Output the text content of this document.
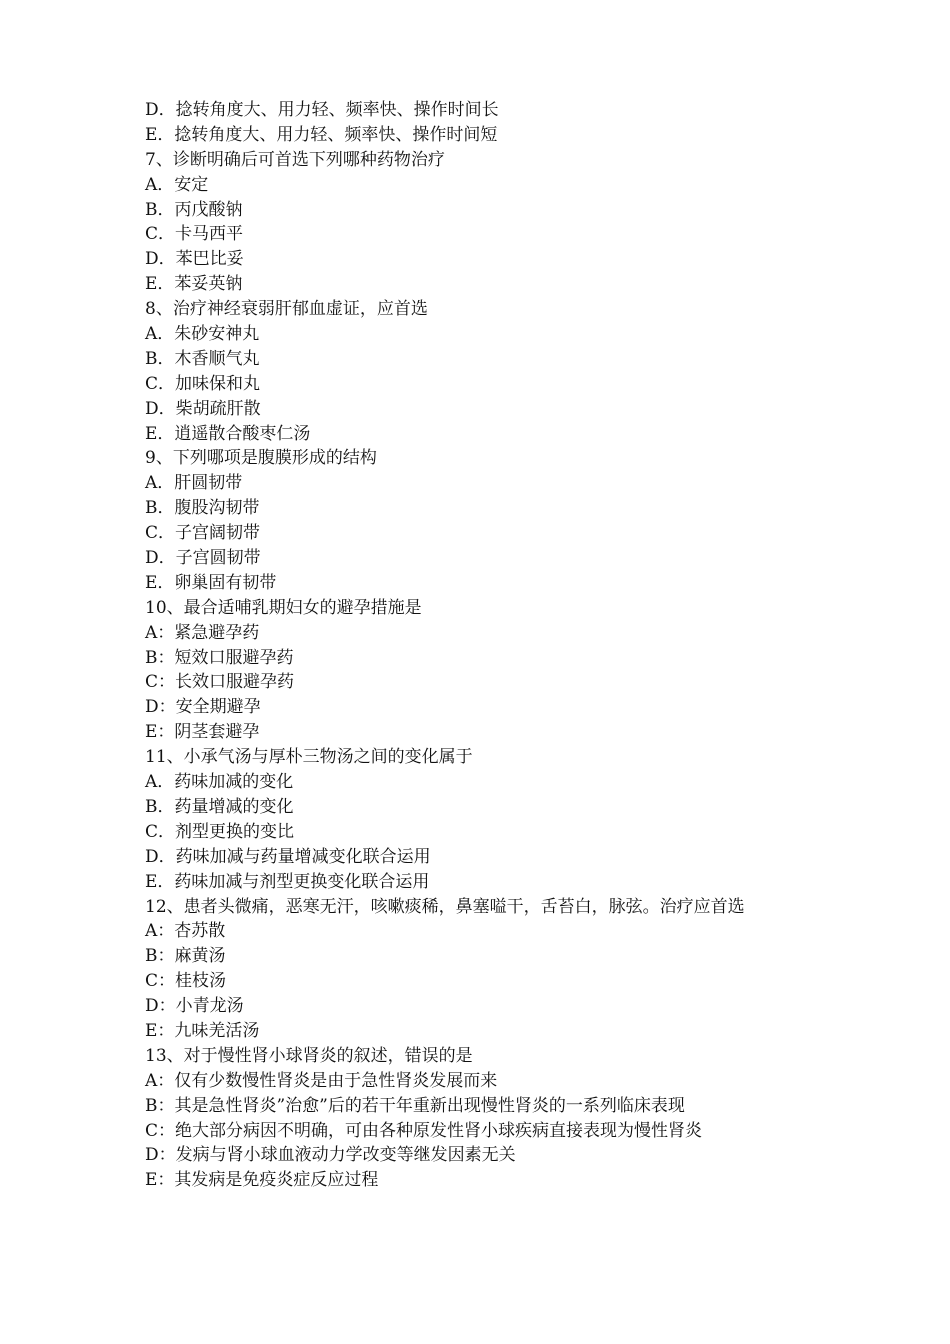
D．捻转角度大、用力轻、频率快、操作时间长
E．捻转角度大、用力轻、频率快、操作时间短
7、诊断明确后可首选下列哪种药物治疗
A．安定
B．丙戊酸钠
C．卡马西平
D．苯巴比妥
E．苯妥英钠
8、治疗神经衰弱肝郁血虚证，应首选
A．朱砂安神丸
B．木香顺气丸
C．加味保和丸
D．柴胡疏肝散
E．逍遥散合酸枣仁汤
9、下列哪项是腹膜形成的结构
A．肝圆韧带
B．腹股沟韧带
C．子宫阔韧带
D．子宫圆韧带
E．卵巢固有韧带
10、最合适哺乳期妇女的避孕措施是
A：紧急避孕药
B：短效口服避孕药
C：长效口服避孕药
D：安全期避孕
E：阴茎套避孕
11、小承气汤与厚朴三物汤之间的变化属于
A．药味加减的变化
B．药量增减的变化
C．剂型更换的变比
D．药味加减与药量增减变化联合运用
E．药味加减与剂型更换变化联合运用
12、患者头微痛，恶寒无汗，咳嗽痰稀，鼻塞嗌干，舌苔白，脉弦。治疗应首选
A：杏苏散
B：麻黄汤
C：桂枝汤
D：小青龙汤
E：九味羌活汤
13、对于慢性肾小球肾炎的叙述，错误的是
A：仅有少数慢性肾炎是由于急性肾炎发展而来
B：其是急性肾炎”治愈”后的若干年重新出现慢性肾炎的一系列临床表现
C：绝大部分病因不明确，可由各种原发性肾小球疾病直接表现为慢性肾炎
D：发病与肾小球血液动力学改变等继发因素无关
E：其发病是免疫炎症反应过程
